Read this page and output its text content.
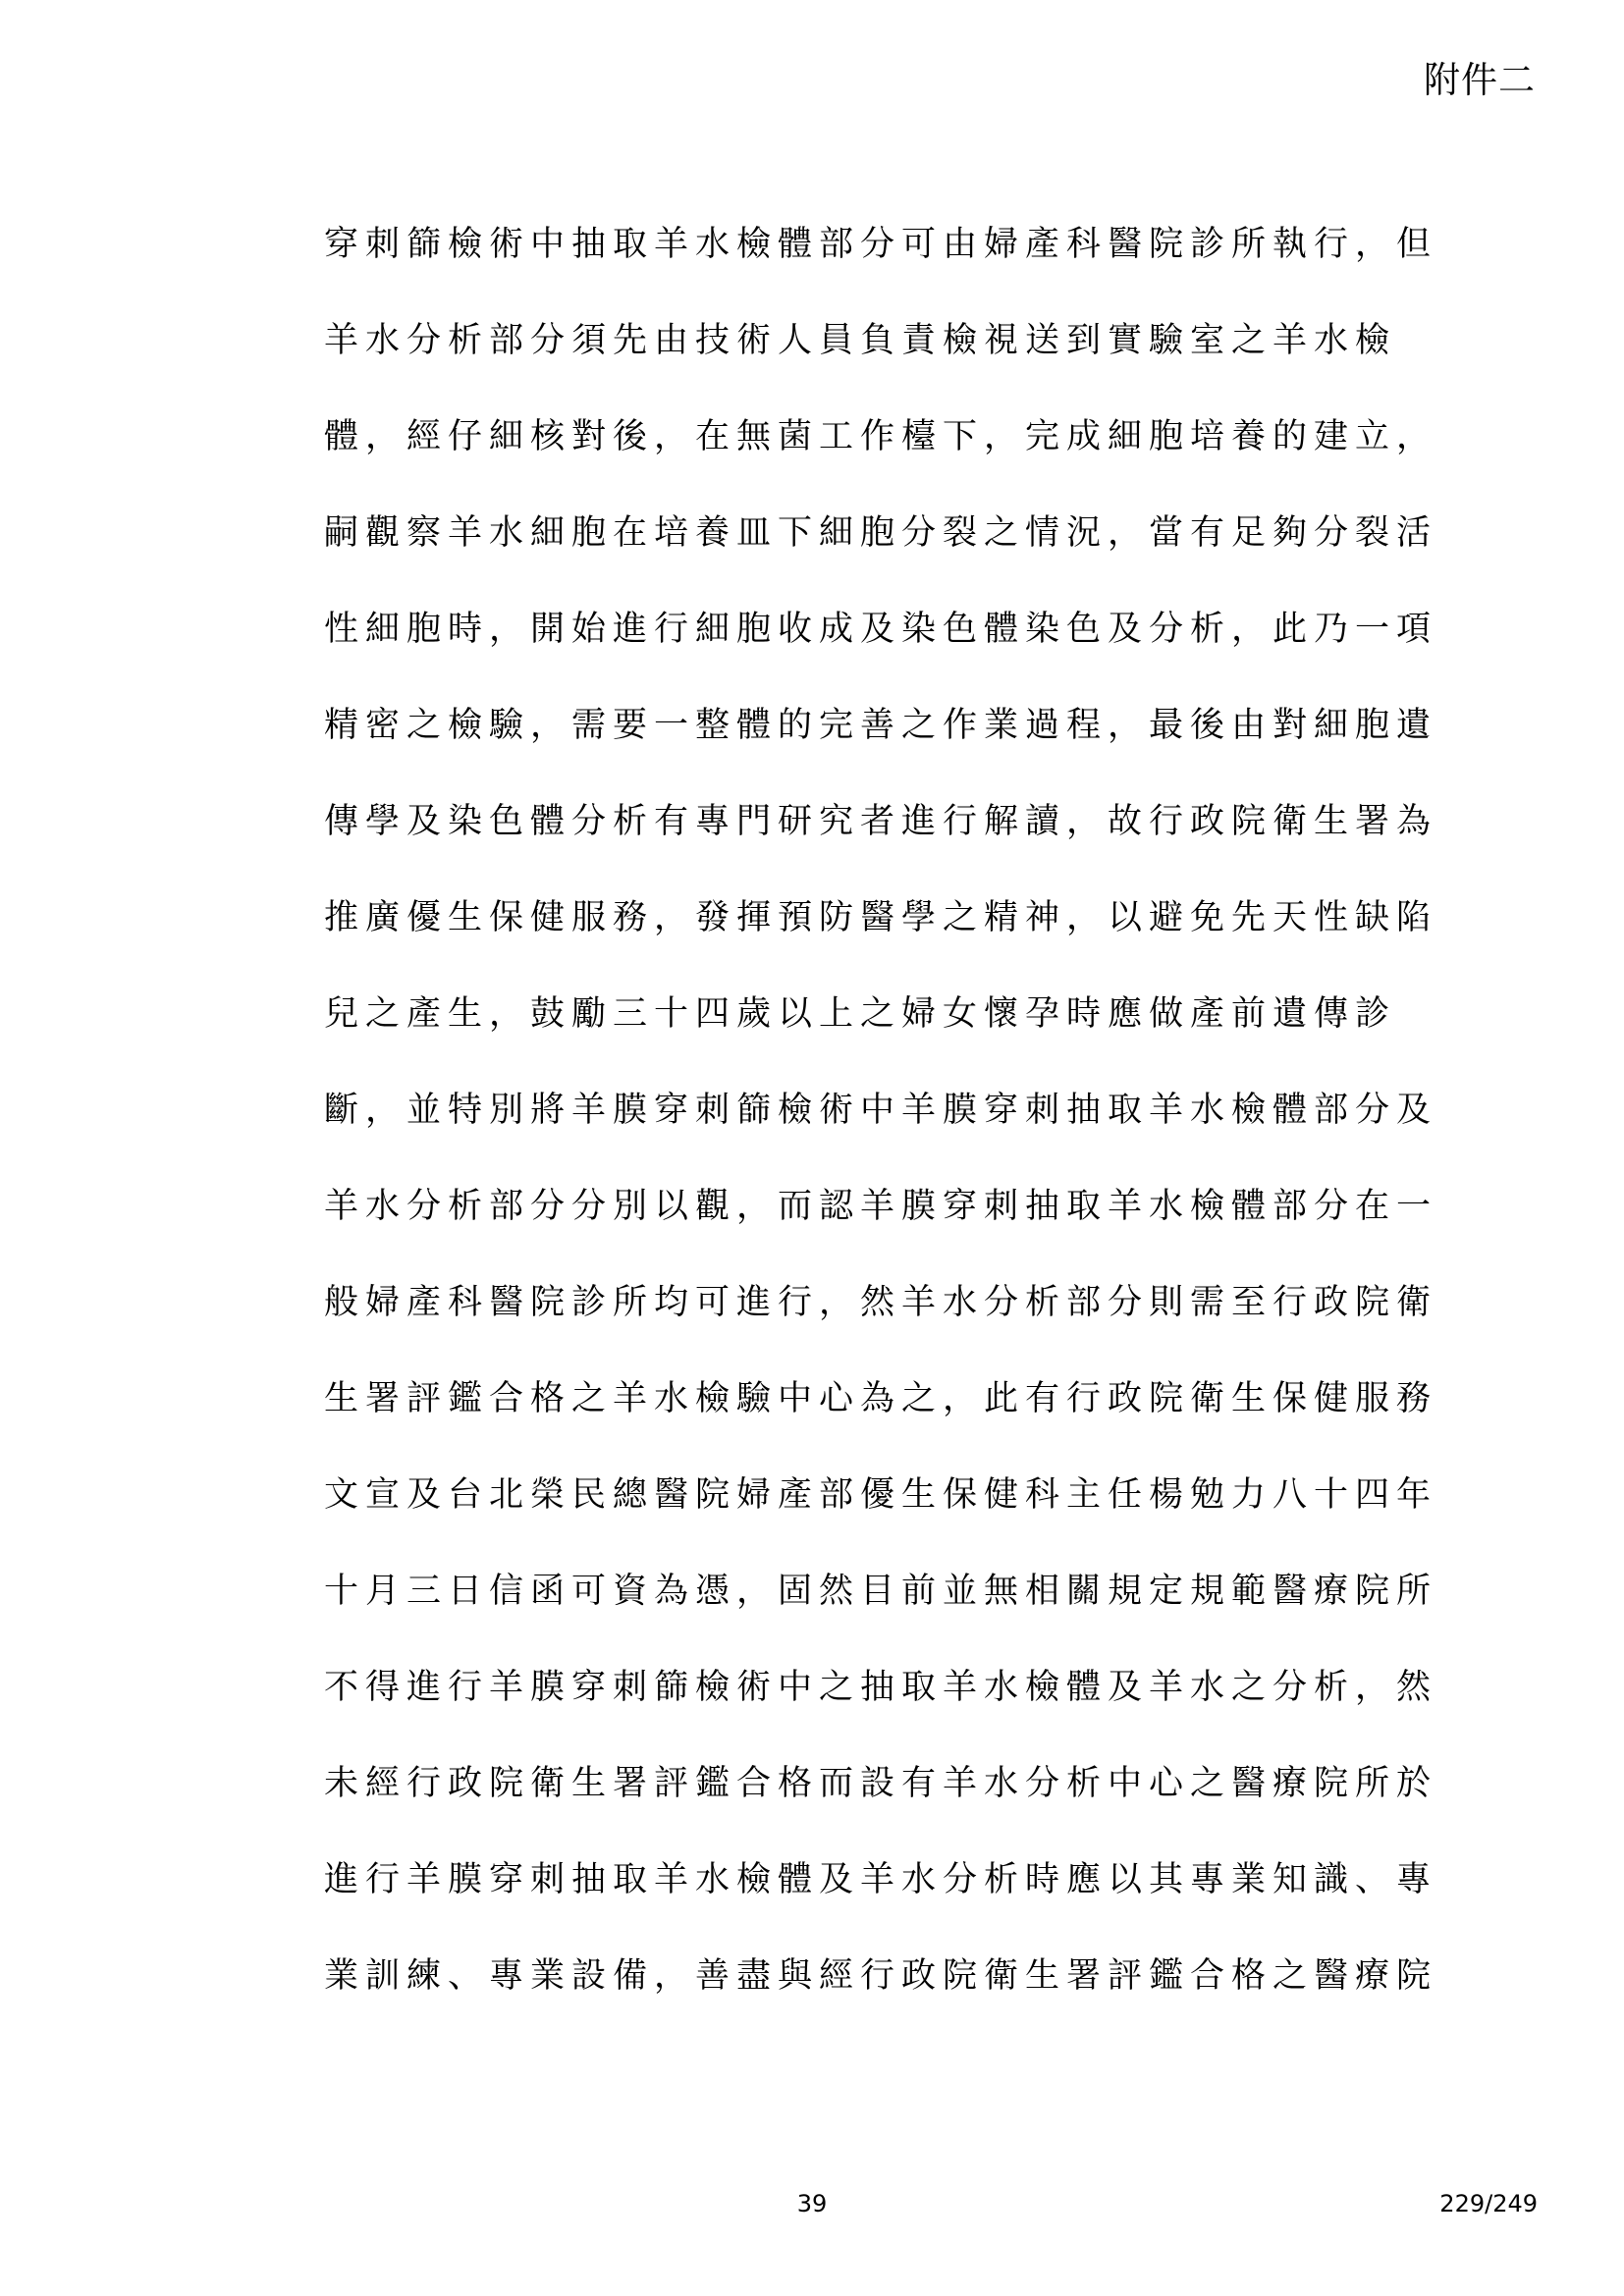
附件二
穿刺篩檢術中抽取羊水檢體部分可由婦產科醫院診所執行，但
羊水分析部分須先由技術人員負責檢視送到實驗室之羊水檢
體，經仔細核對後，在無菌工作檯下，完成細胞培養的建立，
嗣觀察羊水細胞在培養皿下細胞分裂之情況，當有足夠分裂活
性細胞時，開始進行細胞收成及染色體染色及分析，此乃一項
精密之檢驗，需要一整體的完善之作業過程，最後由對細胞遺
傳學及染色體分析有專門研究者進行解讀，故行政院衛生署為
推廣優生保健服務，發揮預防醫學之精神，以避免先天性缺陷
兒之產生，鼓勵三十四歲以上之婦女懷孕時應做產前遺傳診
斷，並特別將羊膜穿刺篩檢術中羊膜穿刺抽取羊水檢體部分及
羊水分析部分分別以觀，而認羊膜穿刺抽取羊水檢體部分在一
般婦產科醫院診所均可進行，然羊水分析部分則需至行政院衛
生署評鑑合格之羊水檢驗中心為之，此有行政院衛生保健服務
文宣及台北榮民總醫院婦產部優生保健科主任楊勉力八十四年
十月三日信函可資為憑，固然目前並無相關規定規範醫療院所
不得進行羊膜穿刺篩檢術中之抽取羊水檢體及羊水之分析，然
未經行政院衛生署評鑑合格而設有羊水分析中心之醫療院所於
進行羊膜穿刺抽取羊水檢體及羊水分析時應以其專業知識、專
業訓練、專業設備，善盡與經行政院衛生署評鑑合格之醫療院
39	229/249
